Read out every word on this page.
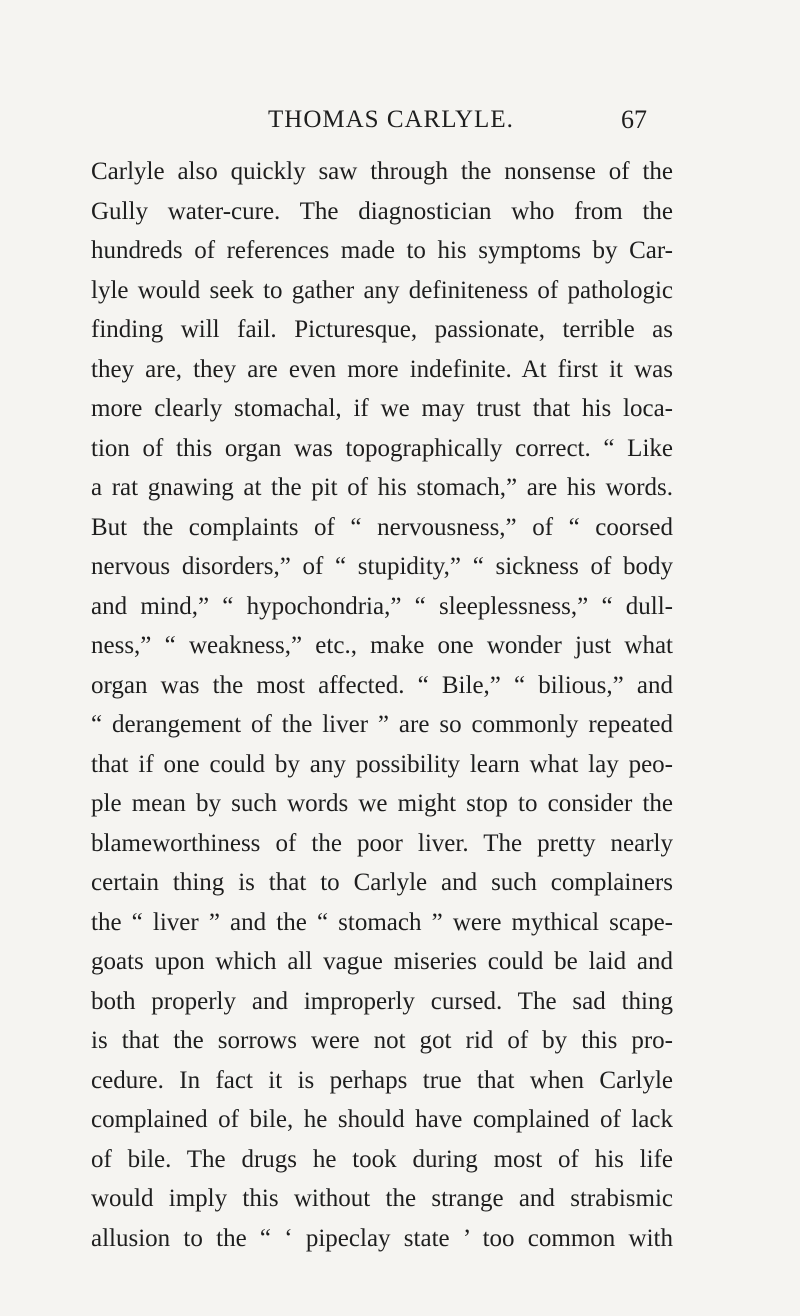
THOMAS CARLYLE.	67
Carlyle also quickly saw through the nonsense of the
Gully water-cure. The diagnostician who from the
hundreds of references made to his symptoms by Car-
lyle would seek to gather any definiteness of pathologic
finding will fail. Picturesque, passionate, terrible as
they are, they are even more indefinite. At first it was
more clearly stomachal, if we may trust that his loca-
tion of this organ was topographically correct. “ Like
a rat gnawing at the pit of his stomach,” are his words.
But the complaints of “ nervousness,” of “ coorsed
nervous disorders,” of “ stupidity,” “ sickness of body
and mind,” “ hypochondria,” “ sleeplessness,” “ dull-
ness,” “ weakness,” etc., make one wonder just what
organ was the most affected. “ Bile,” “ bilious,” and
“ derangement of the liver ” are so commonly repeated
that if one could by any possibility learn what lay peo-
ple mean by such words we might stop to consider the
blameworthiness of the poor liver. The pretty nearly
certain thing is that to Carlyle and such complainers
the “ liver ” and the “ stomach ” were mythical scape-
goats upon which all vague miseries could be laid and
both properly and improperly cursed. The sad thing
is that the sorrows were not got rid of by this pro-
cedure. In fact it is perhaps true that when Carlyle
complained of bile, he should have complained of lack
of bile. The drugs he took during most of his life
would imply this without the strange and strabismic
allusion to the “ ‘ pipeclay state ’ too common with
